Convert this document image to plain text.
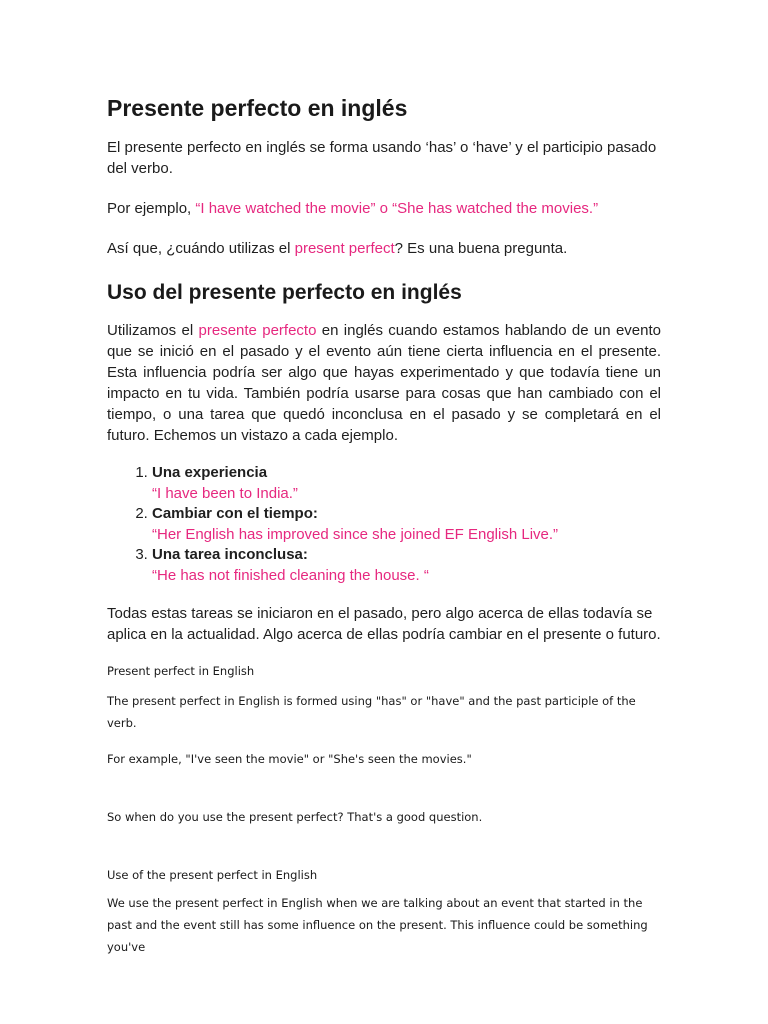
Presente perfecto en inglés

El presente perfecto en inglés se forma usando ‘has’ o ‘have’ y el participio pasado del verbo.

Por ejemplo, “I have watched the movie” o “She has watched the movies.”

Así que, ¿cuándo utilizas el present perfect? Es una buena pregunta.

Uso del presente perfecto en inglés

Utilizamos el presente perfecto en inglés cuando estamos hablando de un evento que se inició en el pasado y el evento aún tiene cierta influencia en el presente. Esta influencia podría ser algo que hayas experimentado y que todavía tiene un impacto en tu vida. También podría usarse para cosas que han cambiado con el tiempo, o una tarea que quedó inconclusa en el pasado y se completará en el futuro. Echemos un vistazo a cada ejemplo.

1. Una experiencia
“I have been to India.”
2. Cambiar con el tiempo:
“Her English has improved since she joined EF English Live.”
3. Una tarea inconclusa:
“He has not finished cleaning the house. “

Todas estas tareas se iniciaron en el pasado, pero algo acerca de ellas todavía se aplica en la actualidad. Algo acerca de ellas podría cambiar en el presente o futuro.

Present perfect in English

The present perfect in English is formed using "has" or "have" and the past participle of the verb.

For example, "I've seen the movie" or "She's seen the movies."

So when do you use the present perfect? That's a good question.

Use of the present perfect in English

We use the present perfect in English when we are talking about an event that started in the past and the event still has some influence on the present. This influence could be something you've
